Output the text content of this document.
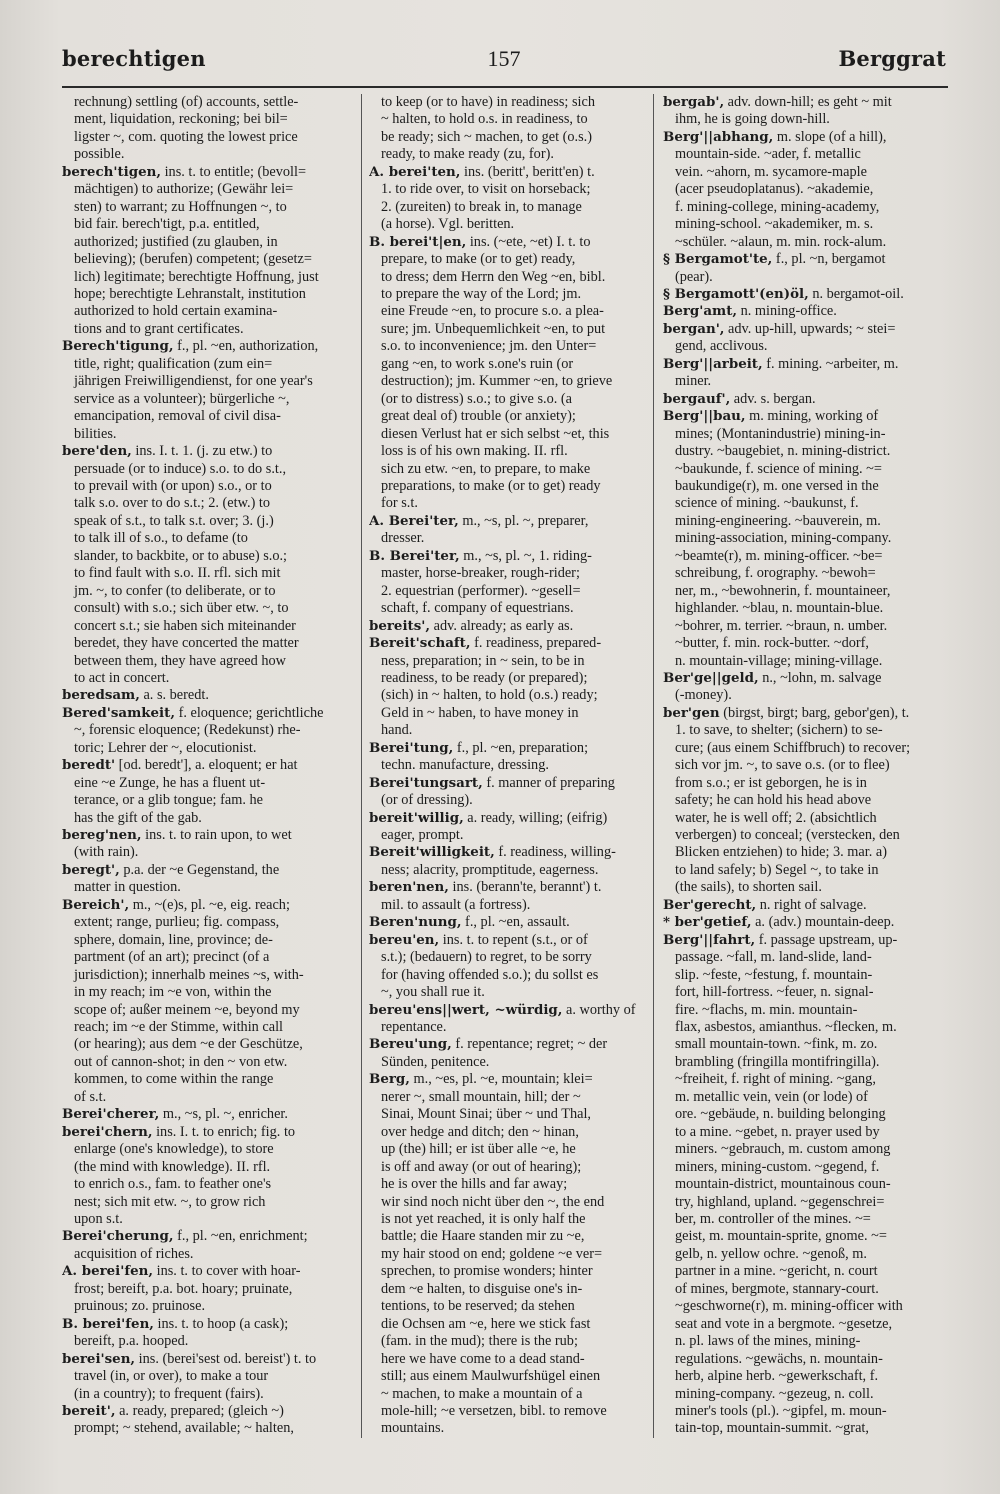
berechtigen	157	Berggrat
rechnung) settling (of) accounts, settle-
ment, liquidation, reckoning; bei bil=
ligster ~, com. quoting the lowest price
possible.
berech'tigen, ins. t. to entitle; (bevoll=
mächtigen) to authorize; (Gewähr lei=
sten) to warrant; zu Hoffnungen ~, to
bid fair. berech'tigt, p.a. entitled,
authorized; justified (zu glauben, in
believing); (berufen) competent; (gesetz=
lich) legitimate; berechtigte Hoffnung, just
hope; berechtigte Lehranstalt, institution
authorized to hold certain examina-
tions and to grant certificates.
Berech'tigung, f., pl. ~en, authorization,
title, right; qualification (zum ein=
jährigen Freiwilligendienst, for one year's
service as a volunteer); bürgerliche ~,
emancipation, removal of civil disa-
bilities.
bere'den, ins. I. t. 1. (j. zu etw.) to
persuade (or to induce) s.o. to do s.t.,
to prevail with (or upon) s.o., or to
talk s.o. over to do s.t.; 2. (etw.) to
speak of s.t., to talk s.t. over; 3. (j.)
to talk ill of s.o., to defame (to
slander, to backbite, or to abuse) s.o.;
to find fault with s.o. II. rfl. sich mit
jm. ~, to confer (to deliberate, or to
consult) with s.o.; sich über etw. ~, to
concert s.t.; sie haben sich miteinander
beredet, they have concerted the matter
between them, they have agreed how
to act in concert.
beredsam, a. s. beredt.
Bered'samkeit, f. eloquence; gerichtliche
~, forensic eloquence; (Redekunst) rhe-
toric; Lehrer der ~, elocutionist.
beredt' [od. beredt'], a. eloquent; er hat
eine ~e Zunge, he has a fluent ut-
terance, or a glib tongue; fam. he
has the gift of the gab.
bereg'nen, ins. t. to rain upon, to wet
(with rain).
beregt', p.a. der ~e Gegenstand, the
matter in question.
Bereich', m., ~(e)s, pl. ~e, eig. reach;
extent; range, purlieu; fig. compass,
sphere, domain, line, province; de-
partment (of an art); precinct (of a
jurisdiction); innerhalb meines ~s, with-
in my reach; im ~e von, within the
scope of; außer meinem ~e, beyond my
reach; im ~e der Stimme, within call
(or hearing); aus dem ~e der Geschütze,
out of cannon-shot; in den ~ von etw.
kommen, to come within the range
of s.t.
Berei'cherer, m., ~s, pl. ~, enricher.
berei'chern, ins. I. t. to enrich; fig. to
enlarge (one's knowledge), to store
(the mind with knowledge). II. rfl.
to enrich o.s., fam. to feather one's
nest; sich mit etw. ~, to grow rich
upon s.t.
Berei'cherung, f., pl. ~en, enrichment;
acquisition of riches.
A. berei'fen, ins. t. to cover with hoar-
frost; bereift, p.a. bot. hoary; pruinate,
pruinous; zo. pruinose.
B. berei'fen, ins. t. to hoop (a cask);
bereift, p.a. hooped.
berei'sen, ins. (berei'sest od. bereist') t. to
travel (in, or over), to make a tour
(in a country); to frequent (fairs).
bereit', a. ready, prepared; (gleich ~)
prompt; ~ stehend, available; ~ halten,
to keep (or to have) in readiness; sich
~ halten, to hold o.s. in readiness, to
be ready; sich ~ machen, to get (o.s.)
ready, to make ready (zu, for).
A. berei'ten, ins. (beritt', beritt'en) t.
1. to ride over, to visit on horseback;
2. (zureiten) to break in, to manage
(a horse). Vgl. beritten.
B. berei't|en, ins. (~ete, ~et) I. t. to
prepare, to make (or to get) ready,
to dress; dem Herrn den Weg ~en, bibl.
to prepare the way of the Lord; jm.
eine Freude ~en, to procure s.o. a plea-
sure; jm. Unbequemlichkeit ~en, to put
s.o. to inconvenience; jm. den Unter=
gang ~en, to work s.one's ruin (or
destruction); jm. Kummer ~en, to grieve
(or to distress) s.o.; to give s.o. (a
great deal of) trouble (or anxiety);
diesen Verlust hat er sich selbst ~et, this
loss is of his own making. II. rfl.
sich zu etw. ~en, to prepare, to make
preparations, to make (or to get) ready
for s.t.
A. Berei'ter, m., ~s, pl. ~, preparer,
dresser.
B. Berei'ter, m., ~s, pl. ~, 1. riding-
master, horse-breaker, rough-rider;
2. equestrian (performer). ~gesell=
schaft, f. company of equestrians.
bereits', adv. already; as early as.
Bereit'schaft, f. readiness, prepared-
ness, preparation; in ~ sein, to be in
readiness, to be ready (or prepared);
(sich) in ~ halten, to hold (o.s.) ready;
Geld in ~ haben, to have money in
hand.
Berei'tung, f., pl. ~en, preparation;
techn. manufacture, dressing.
Berei'tungsart, f. manner of preparing
(or of dressing).
bereit'willig, a. ready, willing; (eifrig)
eager, prompt.
Bereit'willigkeit, f. readiness, willing-
ness; alacrity, promptitude, eagerness.
beren'nen, ins. (berann'te, berannt') t.
mil. to assault (a fortress).
Beren'nung, f., pl. ~en, assault.
bereu'en, ins. t. to repent (s.t., or of
s.t.); (bedauern) to regret, to be sorry
for (having offended s.o.); du sollst es
~, you shall rue it.
bereu'ens||wert, ~würdig, a. worthy of
repentance.
Bereu'ung, f. repentance; regret; ~ der
Sünden, penitence.
Berg, m., ~es, pl. ~e, mountain; klei=
nerer ~, small mountain, hill; der ~
Sinai, Mount Sinai; über ~ und Thal,
over hedge and ditch; den ~ hinan,
up (the) hill; er ist über alle ~e, he
is off and away (or out of hearing);
he is over the hills and far away;
wir sind noch nicht über den ~, the end
is not yet reached, it is only half the
battle; die Haare standen mir zu ~e,
my hair stood on end; goldene ~e ver=
sprechen, to promise wonders; hinter
dem ~e halten, to disguise one's in-
tentions, to be reserved; da stehen
die Ochsen am ~e, here we stick fast
(fam. in the mud); there is the rub;
here we have come to a dead stand-
still; aus einem Maulwurfshügel einen
~ machen, to make a mountain of a
mole-hill; ~e versetzen, bibl. to remove
mountains.
bergab', adv. down-hill; es geht ~ mit
ihm, he is going down-hill.
Berg'||abhang, m. slope (of a hill),
mountain-side. ~ader, f. metallic
vein. ~ahorn, m. sycamore-maple
(acer pseudoplatanus). ~akademie,
f. mining-college, mining-academy,
mining-school. ~akademiker, m. s.
~schüler. ~alaun, m. min. rock-alum.
§ Bergamot'te, f., pl. ~n, bergamot
(pear).
§ Bergamott'(en)öl, n. bergamot-oil.
Berg'amt, n. mining-office.
bergan', adv. up-hill, upwards; ~ stei=
gend, acclivous.
Berg'||arbeit, f. mining. ~arbeiter, m.
miner.
bergauf', adv. s. bergan.
Berg'||bau, m. mining, working of
mines; (Montanindustrie) mining-in-
dustry. ~baugebiet, n. mining-district.
~baukunde, f. science of mining. ~=
baukundige(r), m. one versed in the
science of mining. ~baukunst, f.
mining-engineering. ~bauverein, m.
mining-association, mining-company.
~beamte(r), m. mining-officer. ~be=
schreibung, f. orography. ~bewoh=
ner, m., ~bewohnerin, f. mountaineer,
highlander. ~blau, n. mountain-blue.
~bohrer, m. terrier. ~braun, n. umber.
~butter, f. min. rock-butter. ~dorf,
n. mountain-village; mining-village.
Ber'ge||geld, n., ~lohn, m. salvage
(-money).
ber'gen (birgst, birgt; barg, gebor'gen), t.
1. to save, to shelter; (sichern) to se-
cure; (aus einem Schiffbruch) to recover;
sich vor jm. ~, to save o.s. (or to flee)
from s.o.; er ist geborgen, he is in
safety; he can hold his head above
water, he is well off; 2. (absichtlich
verbergen) to conceal; (verstecken, den
Blicken entziehen) to hide; 3. mar. a)
to land safely; b) Segel ~, to take in
(the sails), to shorten sail.
Ber'gerecht, n. right of salvage.
* ber'getief, a. (adv.) mountain-deep.
Berg'||fahrt, f. passage upstream, up-
passage. ~fall, m. land-slide, land-
slip. ~feste, ~festung, f. mountain-
fort, hill-fortress. ~feuer, n. signal-
fire. ~flachs, m. min. mountain-
flax, asbestos, amianthus. ~flecken, m.
small mountain-town. ~fink, m. zo.
brambling (fringilla montifringilla).
~freiheit, f. right of mining. ~gang,
m. metallic vein, vein (or lode) of
ore. ~gebäude, n. building belonging
to a mine. ~gebet, n. prayer used by
miners. ~gebrauch, m. custom among
miners, mining-custom. ~gegend, f.
mountain-district, mountainous coun-
try, highland, upland. ~gegenschrei=
ber, m. controller of the mines. ~=
geist, m. mountain-sprite, gnome. ~=
gelb, n. yellow ochre. ~genoß, m.
partner in a mine. ~gericht, n. court
of mines, bergmote, stannary-court.
~geschworne(r), m. mining-officer with
seat and vote in a bergmote. ~gesetze,
n. pl. laws of the mines, mining-
regulations. ~gewächs, n. mountain-
herb, alpine herb. ~gewerkschaft, f.
mining-company. ~gezeug, n. coll.
miner's tools (pl.). ~gipfel, m. moun-
tain-top, mountain-summit. ~grat,
